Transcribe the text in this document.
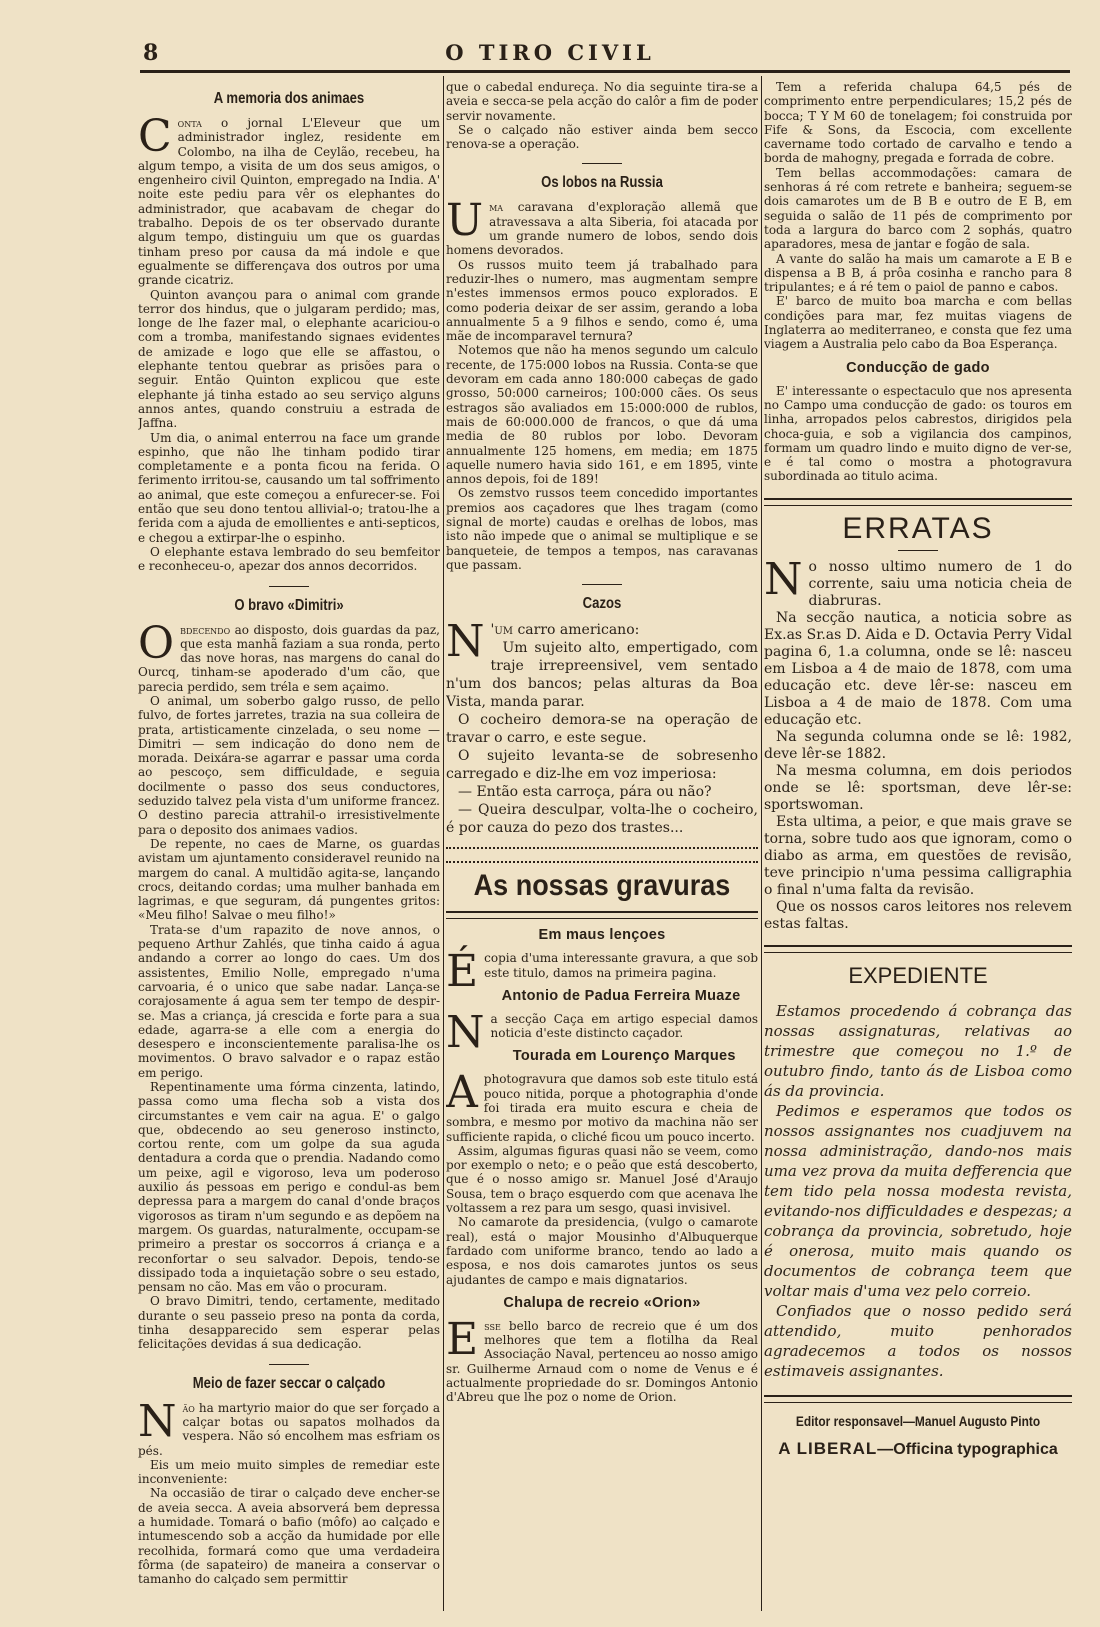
8	O TIRO CIVIL
A memoria dos animaes

Conta o jornal L'Eleveur que um administrador inglez, residente em Colombo, na ilha de Ceylão, recebeu, ha algum tempo, a visita de um dos seus amigos, o engenheiro civil Quinton, empregado na India. A' noite este pediu para vêr os elephantes do administrador, que acabavam de chegar do trabalho. Depois de os ter observado durante algum tempo, distinguiu um que os guardas tinham preso por causa da má indole e que egualmente se differençava dos outros por uma grande cicatriz.

Quinton avançou para o animal com grande terror dos hindus, que o julgaram perdido; mas, longe de lhe fazer mal, o elephante acariciou-o com a tromba, manifestando signaes evidentes de amizade e logo que elle se affastou, o elephante tentou quebrar as prisões para o seguir. Então Quinton explicou que este elephante já tinha estado ao seu serviço alguns annos antes, quando construiu a estrada de Jaffna.

Um dia, o animal enterrou na face um grande espinho, que não lhe tinham podido tirar completamente e a ponta ficou na ferida. O ferimento irritou-se, causando um tal soffrimento ao animal, que este começou a enfurecer-se. Foi então que seu dono tentou allivial-o; tratou-lhe a ferida com a ajuda de emollientes e anti-septicos, e chegou a extirpar-lhe o espinho.

O elephante estava lembrado do seu bemfeitor e reconheceu-o, apezar dos annos decorridos.

O bravo «Dimitri»

Obdecendo ao disposto, dois guardas da paz, que esta manhã faziam a sua ronda, perto das nove horas, nas margens do canal do Ourcq, tinham-se apoderado d'um cão, que parecia perdido, sem tréla e sem açaimo.

O animal, um soberbo galgo russo, de pello fulvo, de fortes jarretes, trazia na sua colleira de prata, artisticamente cinzelada, o seu nome — Dimitri — sem indicação do dono nem de morada. Deixára-se agarrar e passar uma corda ao pescoço, sem difficuldade, e seguia docilmente o passo dos seus conductores, seduzido talvez pela vista d'um uniforme francez. O destino parecia attrahil-o irresistivelmente para o deposito dos animaes vadios.

De repente, no caes de Marne, os guardas avistam um ajuntamento consideravel reunido na margem do canal. A multidão agita-se, lançando crocs, deitando cordas; uma mulher banhada em lagrimas, e que seguram, dá pungentes gritos: «Meu filho! Salvae o meu filho!»

Trata-se d'um rapazito de nove annos, o pequeno Arthur Zahlés, que tinha caido á agua andando a correr ao longo do caes. Um dos assistentes, Emilio Nolle, empregado n'uma carvoaria, é o unico que sabe nadar. Lança-se corajosamente á agua sem ter tempo de despir-se. Mas a criança, já crescida e forte para a sua edade, agarra-se a elle com a energia do desespero e inconscientemente paralisa-lhe os movimentos. O bravo salvador e o rapaz estão em perigo.

Repentinamente uma fórma cinzenta, latindo, passa como uma flecha sob a vista dos circumstantes e vem cair na agua. E' o galgo que, obdecendo ao seu generoso instincto, cortou rente, com um golpe da sua aguda dentadura a corda que o prendia. Nadando como um peixe, agil e vigoroso, leva um poderoso auxilio ás pessoas em perigo e condul-as bem depressa para a margem do canal d'onde braços vigorosos as tiram n'um segundo e as depõem na margem. Os guardas, naturalmente, occupam-se primeiro a prestar os soccorros á criança e a reconfortar o seu salvador. Depois, tendo-se dissipado toda a inquietação sobre o seu estado, pensam no cão. Mas em vão o procuram.

O bravo Dimitri, tendo, certamente, meditado durante o seu passeio preso na ponta da corda, tinha desapparecido sem esperar pelas felicitações devidas á sua dedicação.

Meio de fazer seccar o calçado

Não ha martyrio maior do que ser forçado a calçar botas ou sapatos molhados da vespera. Não só encolhem mas esfriam os pés.

Eis um meio muito simples de remediar este inconveniente:

Na occasião de tirar o calçado deve encher-se de aveia secca. A aveia absorverá bem depressa a humidade. Tomará o bafio (môfo) ao calçado e intumescendo sob a acção da humidade por elle recolhida, formará como que uma verdadeira fôrma (de sapateiro) de maneira a conservar o tamanho do calçado sem permittir

que o cabedal endureça. No dia seguinte tira-se a aveia e secca-se pela acção do calôr a fim de poder servir novamente.

Se o calçado não estiver ainda bem secco renova-se a operação.

Os lobos na Russia

Uma caravana d'exploração allemã que atravessava a alta Siberia, foi atacada por um grande numero de lobos, sendo dois homens devorados.

Os russos muito teem já trabalhado para reduzir-lhes o numero, mas augmentam sempre n'estes immensos ermos pouco explorados. E como poderia deixar de ser assim, gerando a loba annualmente 5 a 9 filhos e sendo, como é, uma mãe de incomparavel ternura?

Notemos que não ha menos segundo um calculo recente, de 175:000 lobos na Russia. Conta-se que devoram em cada anno 180:000 cabeças de gado grosso, 50:000 carneiros; 100:000 cães. Os seus estragos são avaliados em 15:000:000 de rublos, mais de 60:000.000 de francos, o que dá uma media de 80 rublos por lobo. Devoram annualmente 125 homens, em media; em 1875 aquelle numero havia sido 161, e em 1895, vinte annos depois, foi de 189!

Os zemstvo russos teem concedido importantes premios aos caçadores que lhes tragam (como signal de morte) caudas e orelhas de lobos, mas isto não impede que o animal se multiplique e se banqueteie, de tempos a tempos, nas caravanas que passam.

Cazos

N 'um carro americano:

Um sujeito alto, empertigado, com traje irrepreensivel, vem sentado n'um dos bancos; pelas alturas da Boa Vista, manda parar.

O cocheiro demora-se na operação de travar o carro, e este segue.

O sujeito levanta-se de sobresenho carregado e diz-lhe em voz imperiosa:

— Então esta carroça, pára ou não?

— Queira desculpar, volta-lhe o cocheiro, é por cauza do pezo dos trastes...

As nossas gravuras
Em maus lençoes

Écopia d'uma interessante gravura, a que sob este titulo, damos na primeira pagina.

Antonio de Padua Ferreira Muaze

Na secção Caça em artigo especial damos noticia d'este distincto caçador.

Tourada em Lourenço Marques

Aphotogravura que damos sob este titulo está pouco nitida, porque a photographia d'onde foi tirada era muito escura e cheia de sombra, e mesmo por motivo da machina não ser sufficiente rapida, o cliché ficou um pouco incerto.

Assim, algumas figuras quasi não se veem, como por exemplo o neto; e o peão que está descoberto, que é o nosso amigo sr. Manuel José d'Araujo Sousa, tem o braço esquerdo com que acenava lhe voltassem a rez para um sesgo, quasi invisivel.

No camarote da presidencia, (vulgo o camarote real), está o major Mousinho d'Albuquerque fardado com uniforme branco, tendo ao lado a esposa, e nos dois camarotes juntos os seus ajudantes de campo e mais dignatarios.

Chalupa de recreio «Orion»

Esse bello barco de recreio que é um dos melhores que tem a flotilha da Real Associação Naval, pertenceu ao nosso amigo sr. Guilherme Arnaud com o nome de Venus e é actualmente propriedade do sr. Domingos Antonio d'Abreu que lhe poz o nome de Orion.

Tem a referida chalupa 64,5 pés de comprimento entre perpendiculares; 15,2 pés de bocca; T Y M 60 de tonelagem; foi construida por Fife & Sons, da Escocia, com excellente cavername todo cortado de carvalho e tendo a borda de mahogny, pregada e forrada de cobre.

Tem bellas accommodações: camara de senhoras á ré com retrete e banheira; seguem-se dois camarotes um de B B e outro de E B, em seguida o salão de 11 pés de comprimento por toda a largura do barco com 2 sophás, quatro aparadores, mesa de jantar e fogão de sala.

A vante do salão ha mais um camarote a E B e dispensa a B B, á prôa cosinha e rancho para 8 tripulantes; e á ré tem o paiol de panno e cabos.

E' barco de muito boa marcha e com bellas condições para mar, fez muitas viagens de Inglaterra ao mediterraneo, e consta que fez uma viagem a Australia pelo cabo da Boa Esperança.

Conducção de gado

E' interessante o espectaculo que nos apresenta no Campo uma conducção de gado: os touros em linha, arropados pelos cabrestos, dirigidos pela choca-guia, e sob a vigilancia dos campinos, formam um quadro lindo e muito digno de ver-se, e é tal como o mostra a photogravura subordinada ao titulo acima.

ERRATAS

No nosso ultimo numero de 1 do corrente, saiu uma noticia cheia de diabruras.

Na secção nautica, a noticia sobre as Ex.as Sr.as D. Aida e D. Octavia Perry Vidal pagina 6, 1.a columna, onde se lê: nasceu em Lisboa a 4 de maio de 1878, com uma educação etc. deve lêr-se: nasceu em Lisboa a 4 de maio de 1878. Com uma educação etc.

Na segunda columna onde se lê: 1982, deve lêr-se 1882.

Na mesma columna, em dois periodos onde se lê: sportsman, deve lêr-se: sportswoman.

Esta ultima, a peior, e que mais grave se torna, sobre tudo aos que ignoram, como o diabo as arma, em questões de revisão, teve principio n'uma pessima calligraphia o final n'uma falta da revisão.

Que os nossos caros leitores nos relevem estas faltas.

EXPEDIENTE

Estamos procedendo á cobrança das nossas assignaturas, relativas ao trimestre que começou no 1.º de outubro findo, tanto ás de Lisboa como ás da provincia.

Pedimos e esperamos que todos os nossos assignantes nos cuadjuvem na nossa administração, dando-nos mais uma vez prova da muita defferencia que tem tido pela nossa modesta revista, evitando-nos difficuldades e despezas; a cobrança da provincia, sobretudo, hoje é onerosa, muito mais quando os documentos de cobrança teem que voltar mais d'uma vez pelo correio.

Confiados que o nosso pedido será attendido, muito penhorados agradecemos a todos os nossos estimaveis assignantes.

Editor responsavel—Manuel Augusto Pinto
A LIBERAL—Officina typographica
